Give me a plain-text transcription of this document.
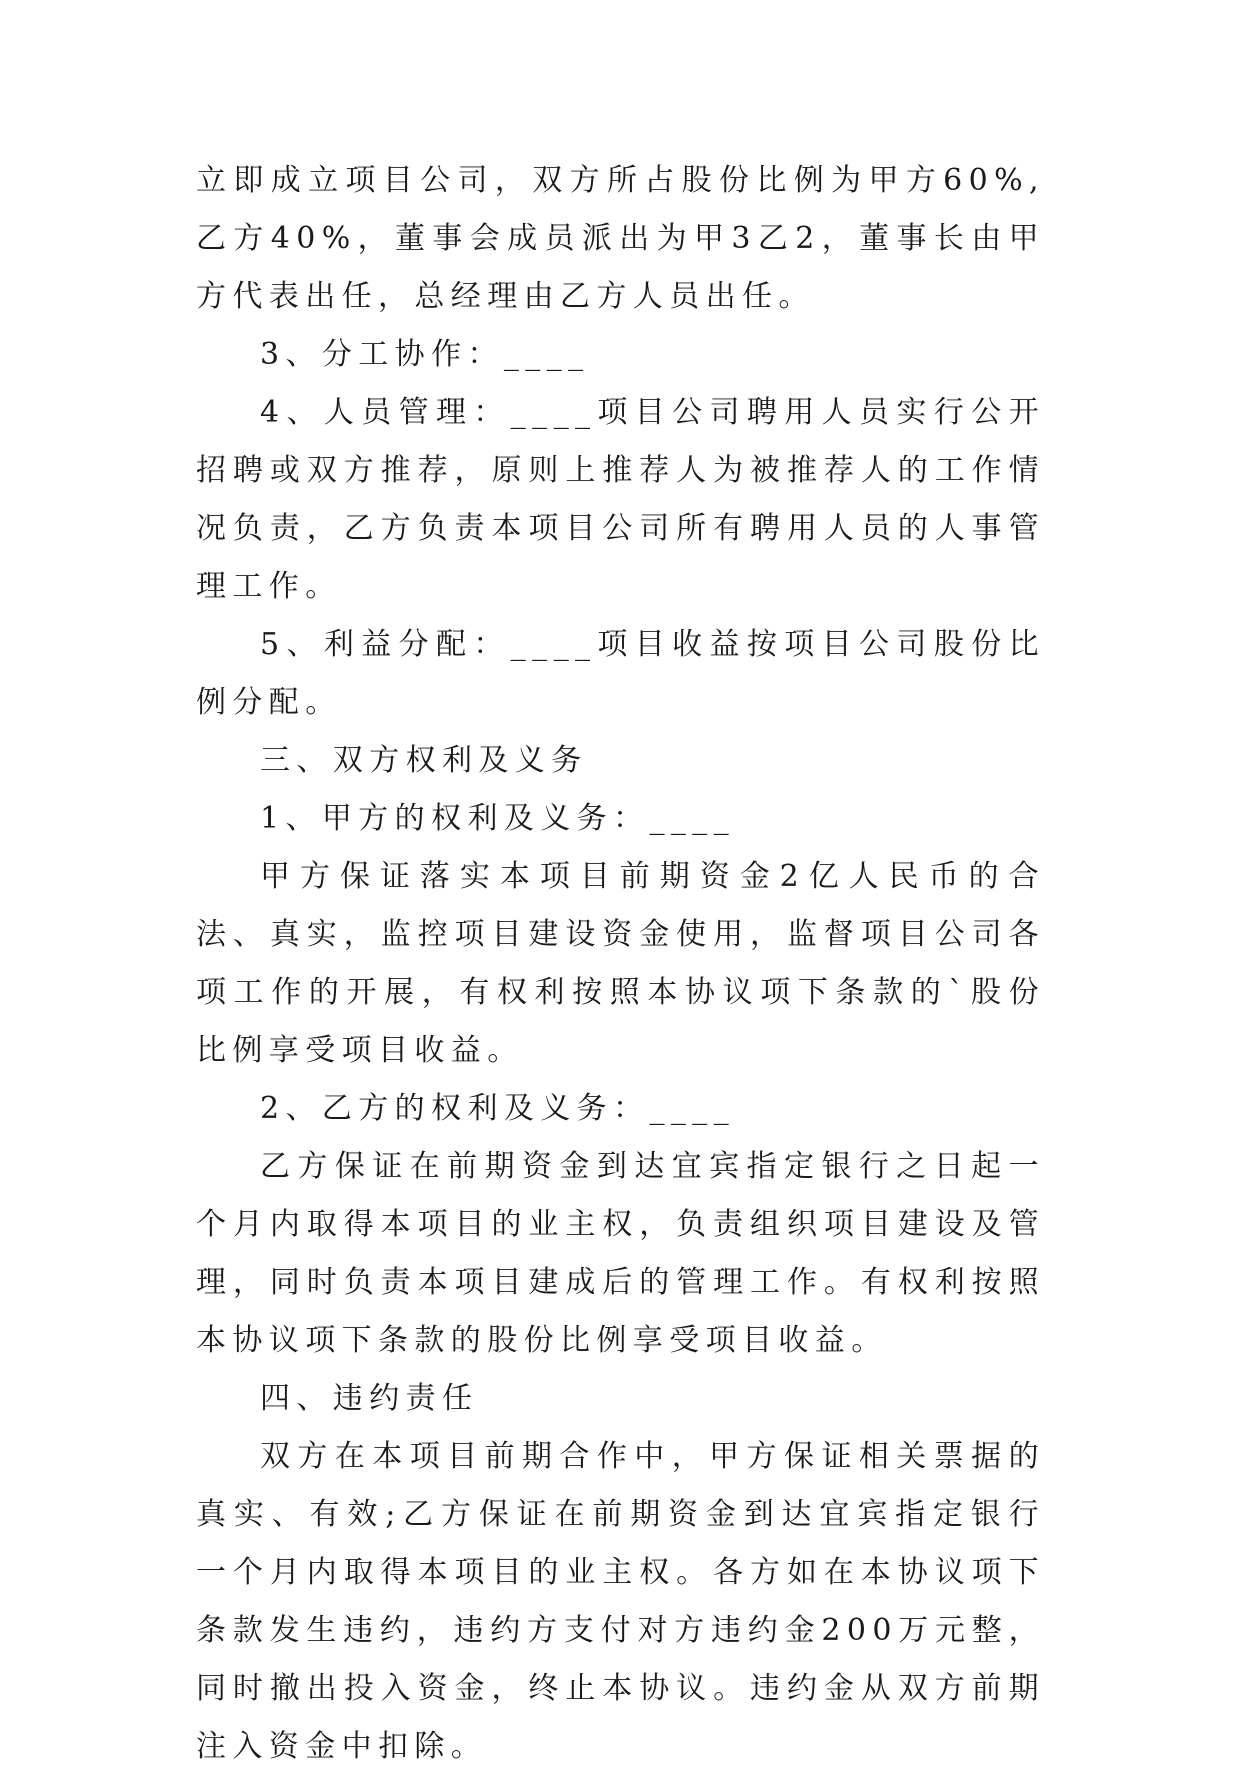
立即成立项目公司，双方所占股份比例为甲方60%,乙方40%，董事会成员派出为甲3乙2，董事长由甲方代表出任，总经理由乙方人员出任。

3、分工协作：____

4、人员管理：____项目公司聘用人员实行公开招聘或双方推荐，原则上推荐人为被推荐人的工作情况负责，乙方负责本项目公司所有聘用人员的人事管理工作。

5、利益分配：____项目收益按项目公司股份比例分配。

三、双方权利及义务

1、甲方的权利及义务：____

甲方保证落实本项目前期资金2亿人民币的合法、真实，监控项目建设资金使用，监督项目公司各项工作的开展，有权利按照本协议项下条款的`股份比例享受项目收益。

2、乙方的权利及义务：____

乙方保证在前期资金到达宜宾指定银行之日起一个月内取得本项目的业主权，负责组织项目建设及管理，同时负责本项目建成后的管理工作。有权利按照本协议项下条款的股份比例享受项目收益。

四、违约责任

双方在本项目前期合作中，甲方保证相关票据的真实、有效;乙方保证在前期资金到达宜宾指定银行一个月内取得本项目的业主权。各方如在本协议项下条款发生违约，违约方支付对方违约金200万元整，同时撤出投入资金，终止本协议。违约金从双方前期注入资金中扣除。
